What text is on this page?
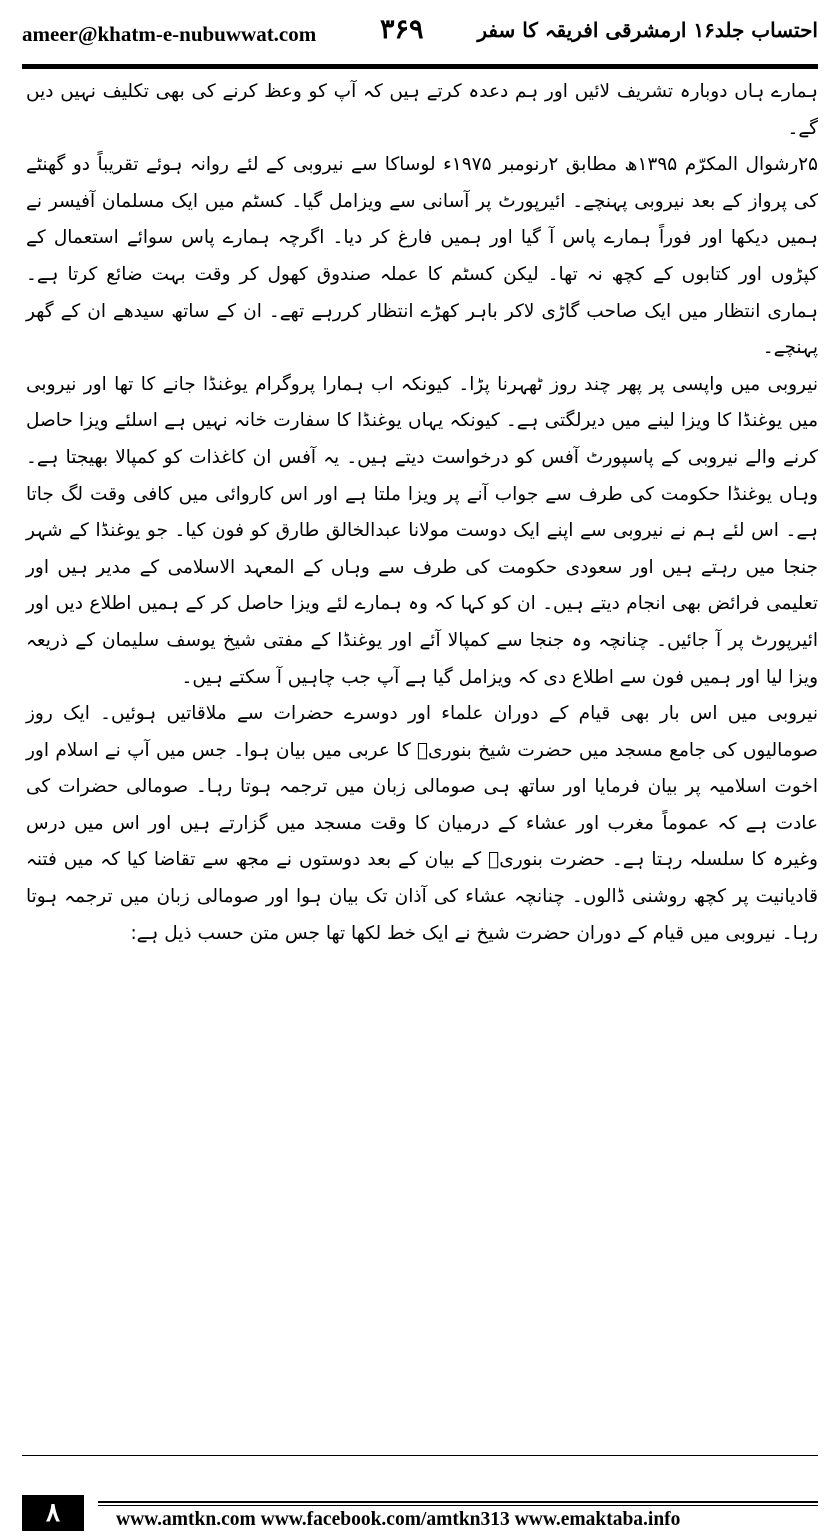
ameer@khatm-e-nubuwwat.com ۳۶۹	احتساب جلد۱۶ ارمشرقی افریقہ کا سفر

ہمارے ہاں دوبارہ تشریف لائیں اور ہم دعدہ کرتے ہیں کہ آپ کو وعظ کرنے کی بھی تکلیف نہیں دیں گے۔

۲۵رشوال المکرّم ۱۳۹۵ھ مطابق ۲رنومبر ۱۹۷۵ء لوساکا سے نیروبی کے لئے روانہ ہوئے تقریباً دو گھنٹے کی پرواز کے بعد نیروبی پہنچے۔ ائیرپورٹ پر آسانی سے ویزامل گیا۔ کسٹم میں ایک مسلمان آفیسر نے ہمیں دیکھا اور فوراً ہمارے پاس آ گیا اور ہمیں فارغ کر دیا۔ اگرچہ ہمارے پاس سوائے استعمال کے کپڑوں اور کتابوں کے کچھ نہ تھا۔ لیکن کسٹم کا عملہ صندوق کھول کر وقت بہت ضائع کرتا ہے۔ ہماری انتظار میں ایک صاحب گاڑی لاکر باہر کھڑے انتظار کررہے تھے۔ ان کے ساتھ سیدھے ان کے گھر پہنچے۔

نیروبی میں واپسی پر پھر چند روز ٹھہرنا پڑا۔ کیونکہ اب ہمارا پروگرام یوغنڈا جانے کا تھا اور نیروبی میں یوغنڈا کا ویزا لینے میں دیرلگتی ہے۔ کیونکہ یہاں یوغنڈا کا سفارت خانہ نہیں ہے اسلئے ویزا حاصل کرنے والے نیروبی کے پاسپورٹ آفس کو درخواست دیتے ہیں۔ یہ آفس ان کاغذات کو کمپالا بھیجتا ہے۔ وہاں یوغنڈا حکومت کی طرف سے جواب آنے پر ویزا ملتا ہے اور اس کاروائی میں کافی وقت لگ جاتا ہے۔ اس لئے ہم نے نیروبی سے اپنے ایک دوست مولانا عبدالخالق طارق کو فون کیا۔ جو یوغنڈا کے شہر جنجا میں رہتے ہیں اور سعودی حکومت کی طرف سے وہاں کے المعہد الاسلامی کے مدیر ہیں اور تعلیمی فرائض بھی انجام دیتے ہیں۔ ان کو کہا کہ وہ ہمارے لئے ویزا حاصل کر کے ہمیں اطلاع دیں اور ائیرپورٹ پر آ جائیں۔ چنانچہ وہ جنجا سے کمپالا آئے اور یوغنڈا کے مفتی شیخ یوسف سلیمان کے ذریعہ ویزا لیا اور ہمیں فون سے اطلاع دی کہ ویزامل گیا ہے آپ جب چاہیں آ سکتے ہیں۔

نیروبی میں اس بار بھی قیام کے دوران علماء اور دوسرے حضرات سے ملاقاتیں ہوئیں۔ ایک روز صومالیوں کی جامع مسجد میں حضرت شیخ بنوریؒ کا عربی میں بیان ہوا۔ جس میں آپ نے اسلام اور اخوت اسلامیہ پر بیان فرمایا اور ساتھ ہی صومالی زبان میں ترجمہ ہوتا رہا۔ صومالی حضرات کی عادت ہے کہ عموماً مغرب اور عشاء کے درمیان کا وقت مسجد میں گزارتے ہیں اور اس میں درس وغیرہ کا سلسلہ رہتا ہے۔ حضرت بنوریؒ کے بیان کے بعد دوستوں نے مجھ سے تقاضا کیا کہ میں فتنہ قادیانیت پر کچھ روشنی ڈالوں۔ چنانچہ عشاء کی آذان تک بیان ہوا اور صومالی زبان میں ترجمہ ہوتا رہا۔ نیروبی میں قیام کے دوران حضرت شیخ نے ایک خط لکھا تھا جس متن حسب ذیل ہے:

۸	www.amtkn.com www.facebook.com/amtkn313 www.emaktaba.info
